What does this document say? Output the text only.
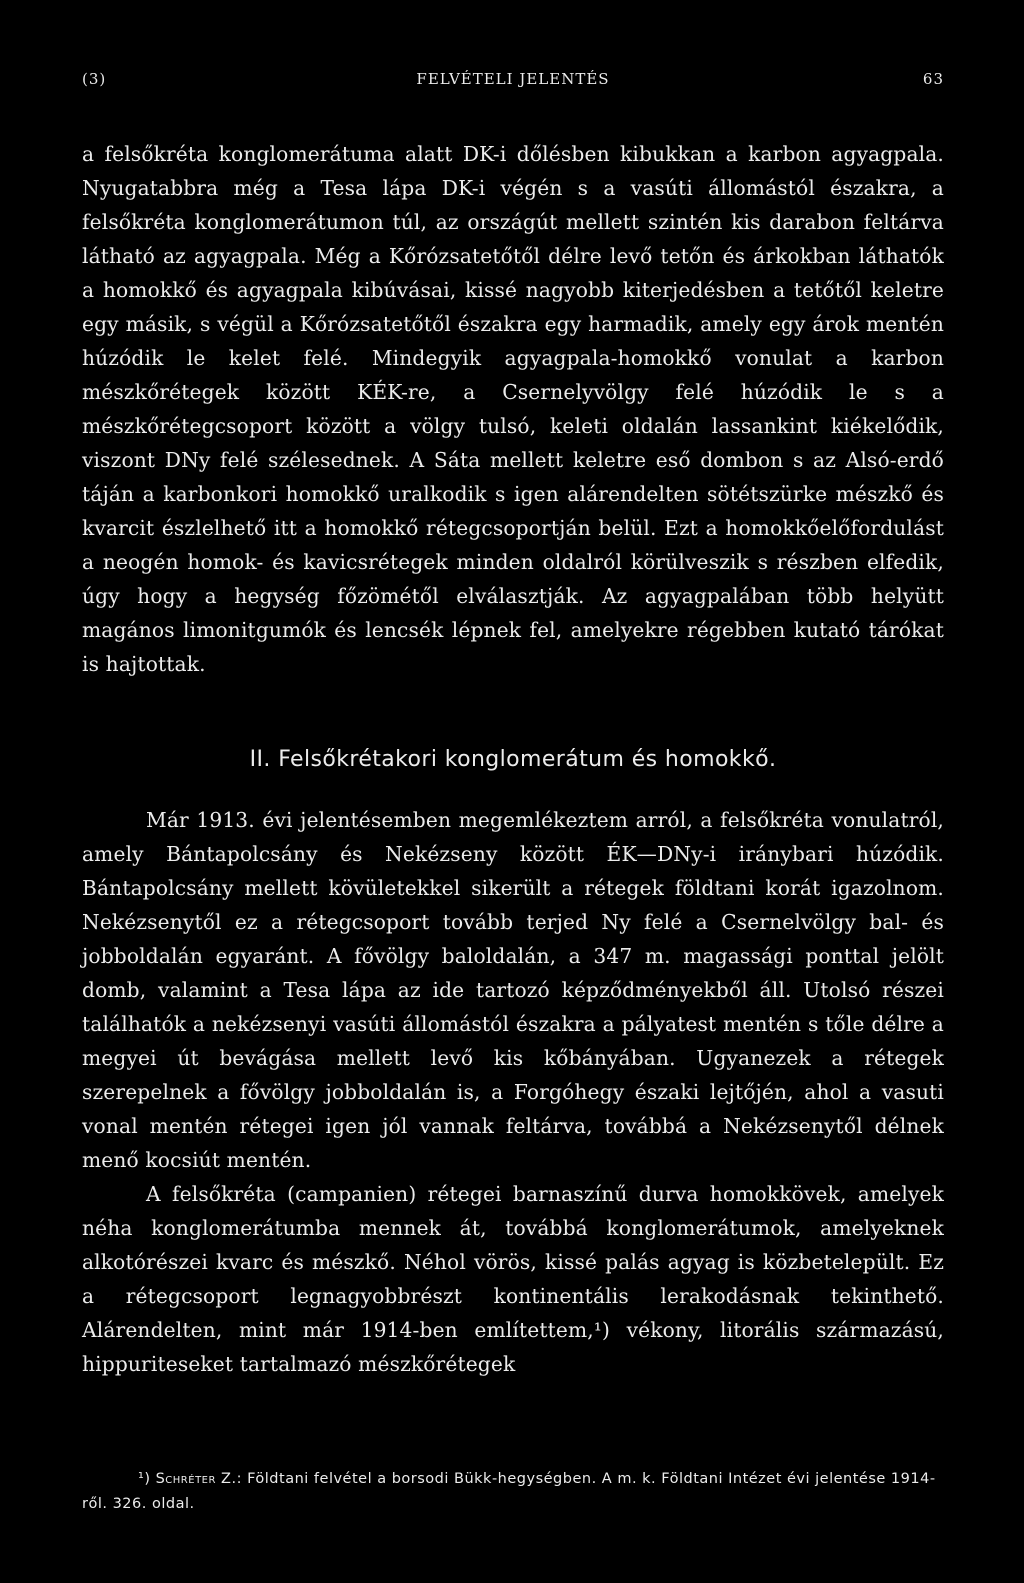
(3)	FELVÉTELI JELENTÉS	63

a felsőkréta konglomerátuma alatt DK-i dőlésben kibukkan a karbon agyagpala. Nyugatabbra még a Tesa lápa DK-i végén s a vasúti állomástól északra, a felsőkréta konglomerátumon túl, az országút mellett szintén kis darabon feltárva látható az agyagpala. Még a Kőrózsatetőtől délre levő tetőn és árkokban láthatók a homokkő és agyagpala kibúvásai, kissé nagyobb kiterjedésben a tetőtől keletre egy másik, s végül a Kőrózsatetőtől északra egy harmadik, amely egy árok mentén húzódik le kelet felé. Mindegyik agyagpala-homokkő vonulat a karbon mészkőrétegek között KÉK-re, a Csernelyvölgy felé húzódik le s a mészkőrétegcsoport között a völgy tulsó, keleti oldalán lassankint kiékelődik, viszont DNy felé szélesednek. A Sáta mellett keletre eső dombon s az Alsó-erdő táján a karbonkori homokkő uralkodik s igen alárendelten sötétszürke mészkő és kvarcit észlelhető itt a homokkő rétegcsoportján belül. Ezt a homokkőelőfordulást a neogén homok- és kavicsrétegek minden oldalról körülveszik s részben elfedik, úgy hogy a hegység főzömétől elválasztják. Az agyagpalában több helyütt magános limonitgumók és lencsék lépnek fel, amelyekre régebben kutató tárókat is hajtottak.

II. Felsőkrétakori konglomerátum és homokkő.

Már 1913. évi jelentésemben megemlékeztem arról, a felsőkréta vonulatról, amely Bántapolcsány és Nekézseny között ÉK—DNy-i iránybari húzódik. Bántapolcsány mellett kövületekkel sikerült a rétegek földtani korát igazolnom. Nekézsenytől ez a rétegcsoport tovább terjed Ny felé a Csernelvölgy bal- és jobboldalán egyaránt. A fővölgy baloldalán, a 347 m. magassági ponttal jelölt domb, valamint a Tesa lápa az ide tartozó képződményekből áll. Utolsó részei találhatók a nekézsenyi vasúti állomástól északra a pályatest mentén s tőle délre a megyei út bevágása mellett levő kis kőbányában. Ugyanezek a rétegek szerepelnek a fővölgy jobboldalán is, a Forgóhegy északi lejtőjén, ahol a vasuti vonal mentén rétegei igen jól vannak feltárva, továbbá a Nekézsenytől délnek menő kocsiút mentén.

A felsőkréta (campanien) rétegei barnaszínű durva homokkövek, amelyek néha konglomerátumba mennek át, továbbá konglomerátumok, amelyeknek alkotórészei kvarc és mészkő. Néhol vörös, kissé palás agyag is közbetelepült. Ez a rétegcsoport legnagyobbrészt kontinentális lerakodásnak tekinthető. Alárendelten, mint már 1914-ben említettem,¹) vékony, litorális származású, hippuriteseket tartalmazó mészkőrétegek

¹) Schréter Z.: Földtani felvétel a borsodi Bükk-hegységben. A m. k. Földtani Intézet évi jelentése 1914-ről. 326. oldal.
